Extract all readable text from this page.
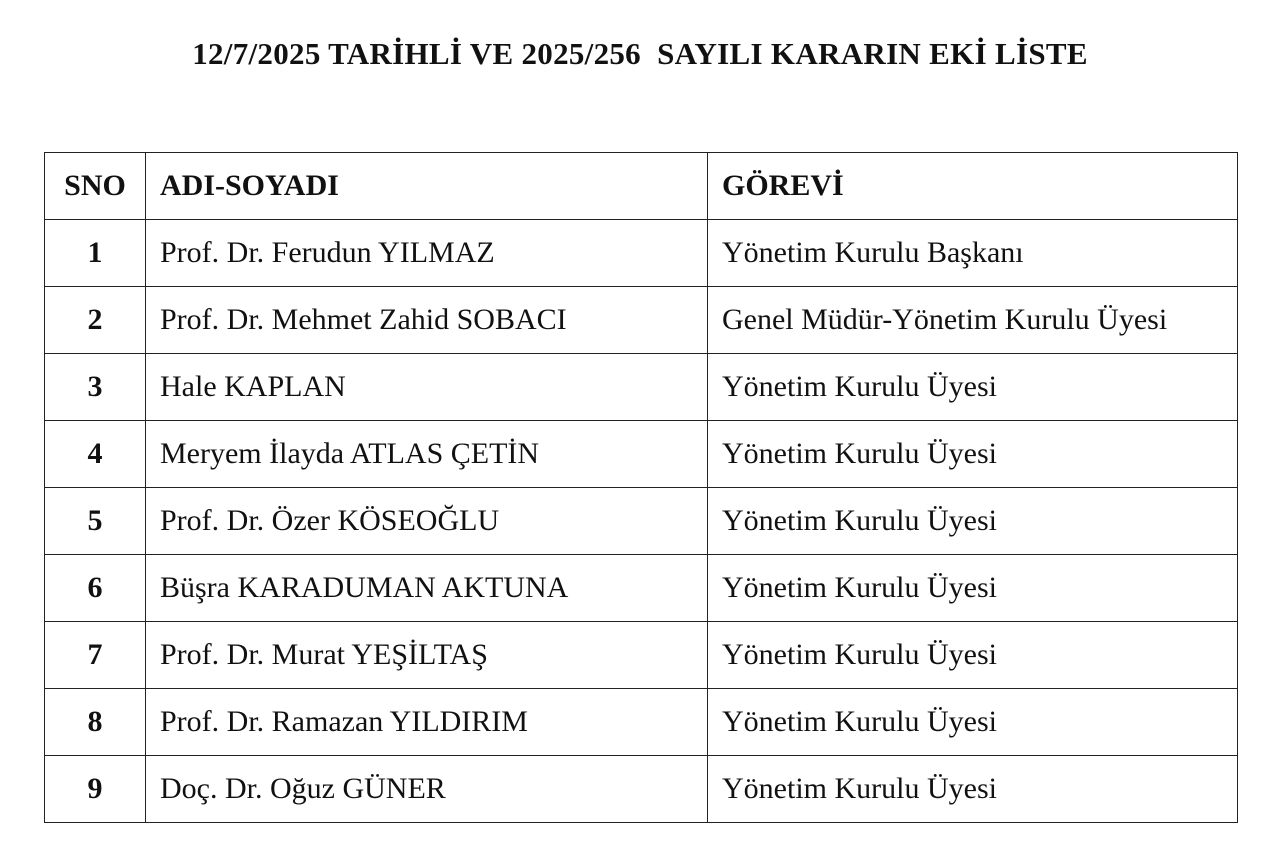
12/7/2025 TARİHLİ VE 2025/256  SAYILI KARARIN EKİ LİSTE
SNO	ADI-SOYADI	GÖREVİ
1	Prof. Dr. Ferudun YILMAZ	Yönetim Kurulu Başkanı
2	Prof. Dr. Mehmet Zahid SOBACI	Genel Müdür-Yönetim Kurulu Üyesi
3	Hale KAPLAN	Yönetim Kurulu Üyesi
4	Meryem İlayda ATLAS ÇETİN	Yönetim Kurulu Üyesi
5	Prof. Dr. Özer KÖSEOĞLU	Yönetim Kurulu Üyesi
6	Büşra KARADUMAN AKTUNA	Yönetim Kurulu Üyesi
7	Prof. Dr. Murat YEŞİLTAŞ	Yönetim Kurulu Üyesi
8	Prof. Dr. Ramazan YILDIRIM	Yönetim Kurulu Üyesi
9	Doç. Dr. Oğuz GÜNER	Yönetim Kurulu Üyesi
